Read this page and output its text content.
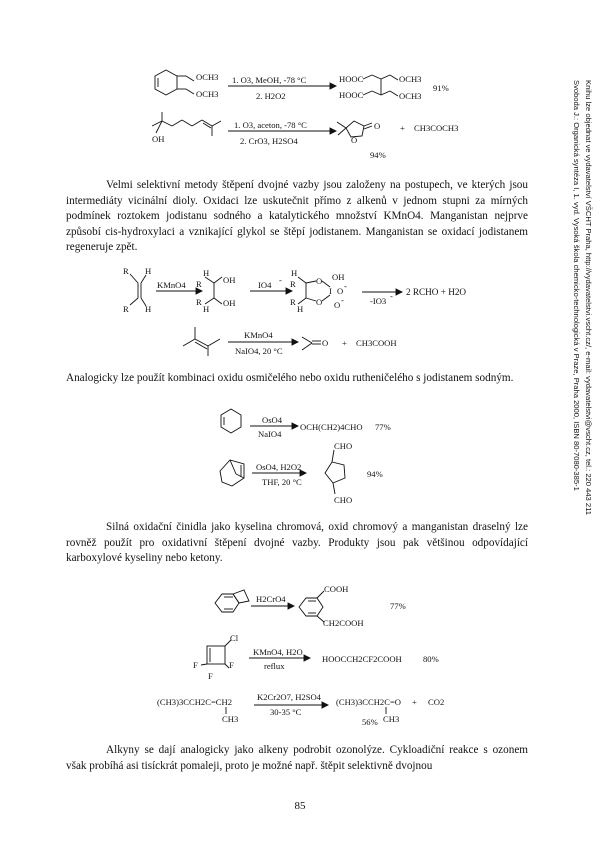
Svoboda J.: Organická syntéza I, 1. vyd. Vysoká škola chemicko-technologická v Praze, Praha 2000, ISBN 80-7080-385-1 Knihu lze objednat ve vydavatelství VŠCHT Praha, http://vydavatelstvi.vscht.cz/, e-mail: vydavatelstvi@vscht.cz, tel.: 220 443 211
OCH3
OCH3
1. O3, MeOH, -78 °C
2. H2O2
HOOC
HOOC
OCH3
OCH3
91%
OH
1. O3, aceton, -78 °C
2. CrO3, H2SO4	O
O + CH3COCH3
94%
R H
R H
KMnO4
H
R OH
R
H
OH
IO4 -
H
R
R
H
O
O
I
OH
O -
O -	-IO3 - 2 RCHO + H2O
KMnO4
NaIO4, 20 °C
O + CH3COOH
OsO4
NaIO4
OCH(CH2)4CHO 77%
OsO4, H2O2
THF, 20 °C
CHO
CHO
94%
H2CrO4
COOH
CH2COOH
77%
Cl
F
F
F
KMnO4, H2O
reflux
HOOCCH2CF2COOH 80%
(CH3)3CCH2C=CH2
CH3
K2Cr2O7, H2SO4
30-35 °C
(CH3)3CCH2C=O
CH3
+ CO2
56%

Velmi selektivní metody štěpení dvojné vazby jsou založeny na postupech, ve kterých jsou intermediáty vicinální dioly. Oxidaci lze uskutečnit přímo z alkenů v jednom stupni za mírných podmínek roztokem jodistanu sodného a katalytického množství KMnO4. Manganistan nejprve způsobí cis-hydroxylaci a vznikající glykol se štěpí jodistanem. Manganistan se oxidací jodistanem regeneruje zpět.

Analogicky lze použít kombinaci oxidu osmičelého nebo oxidu rutheničelého s jodistanem sodným.

Silná oxidační činidla jako kyselina chromová, oxid chromový a manganistan draselný lze rovněž použít pro oxidativní štěpení dvojné vazby. Produkty jsou pak většinou odpovídající karboxylové kyseliny nebo ketony.

Alkyny se dají analogicky jako alkeny podrobit ozonolýze. Cykloadiční reakce s ozonem však probíhá asi tisíckrát pomaleji, proto je možné např. štěpit selektivně dvojnou

85
